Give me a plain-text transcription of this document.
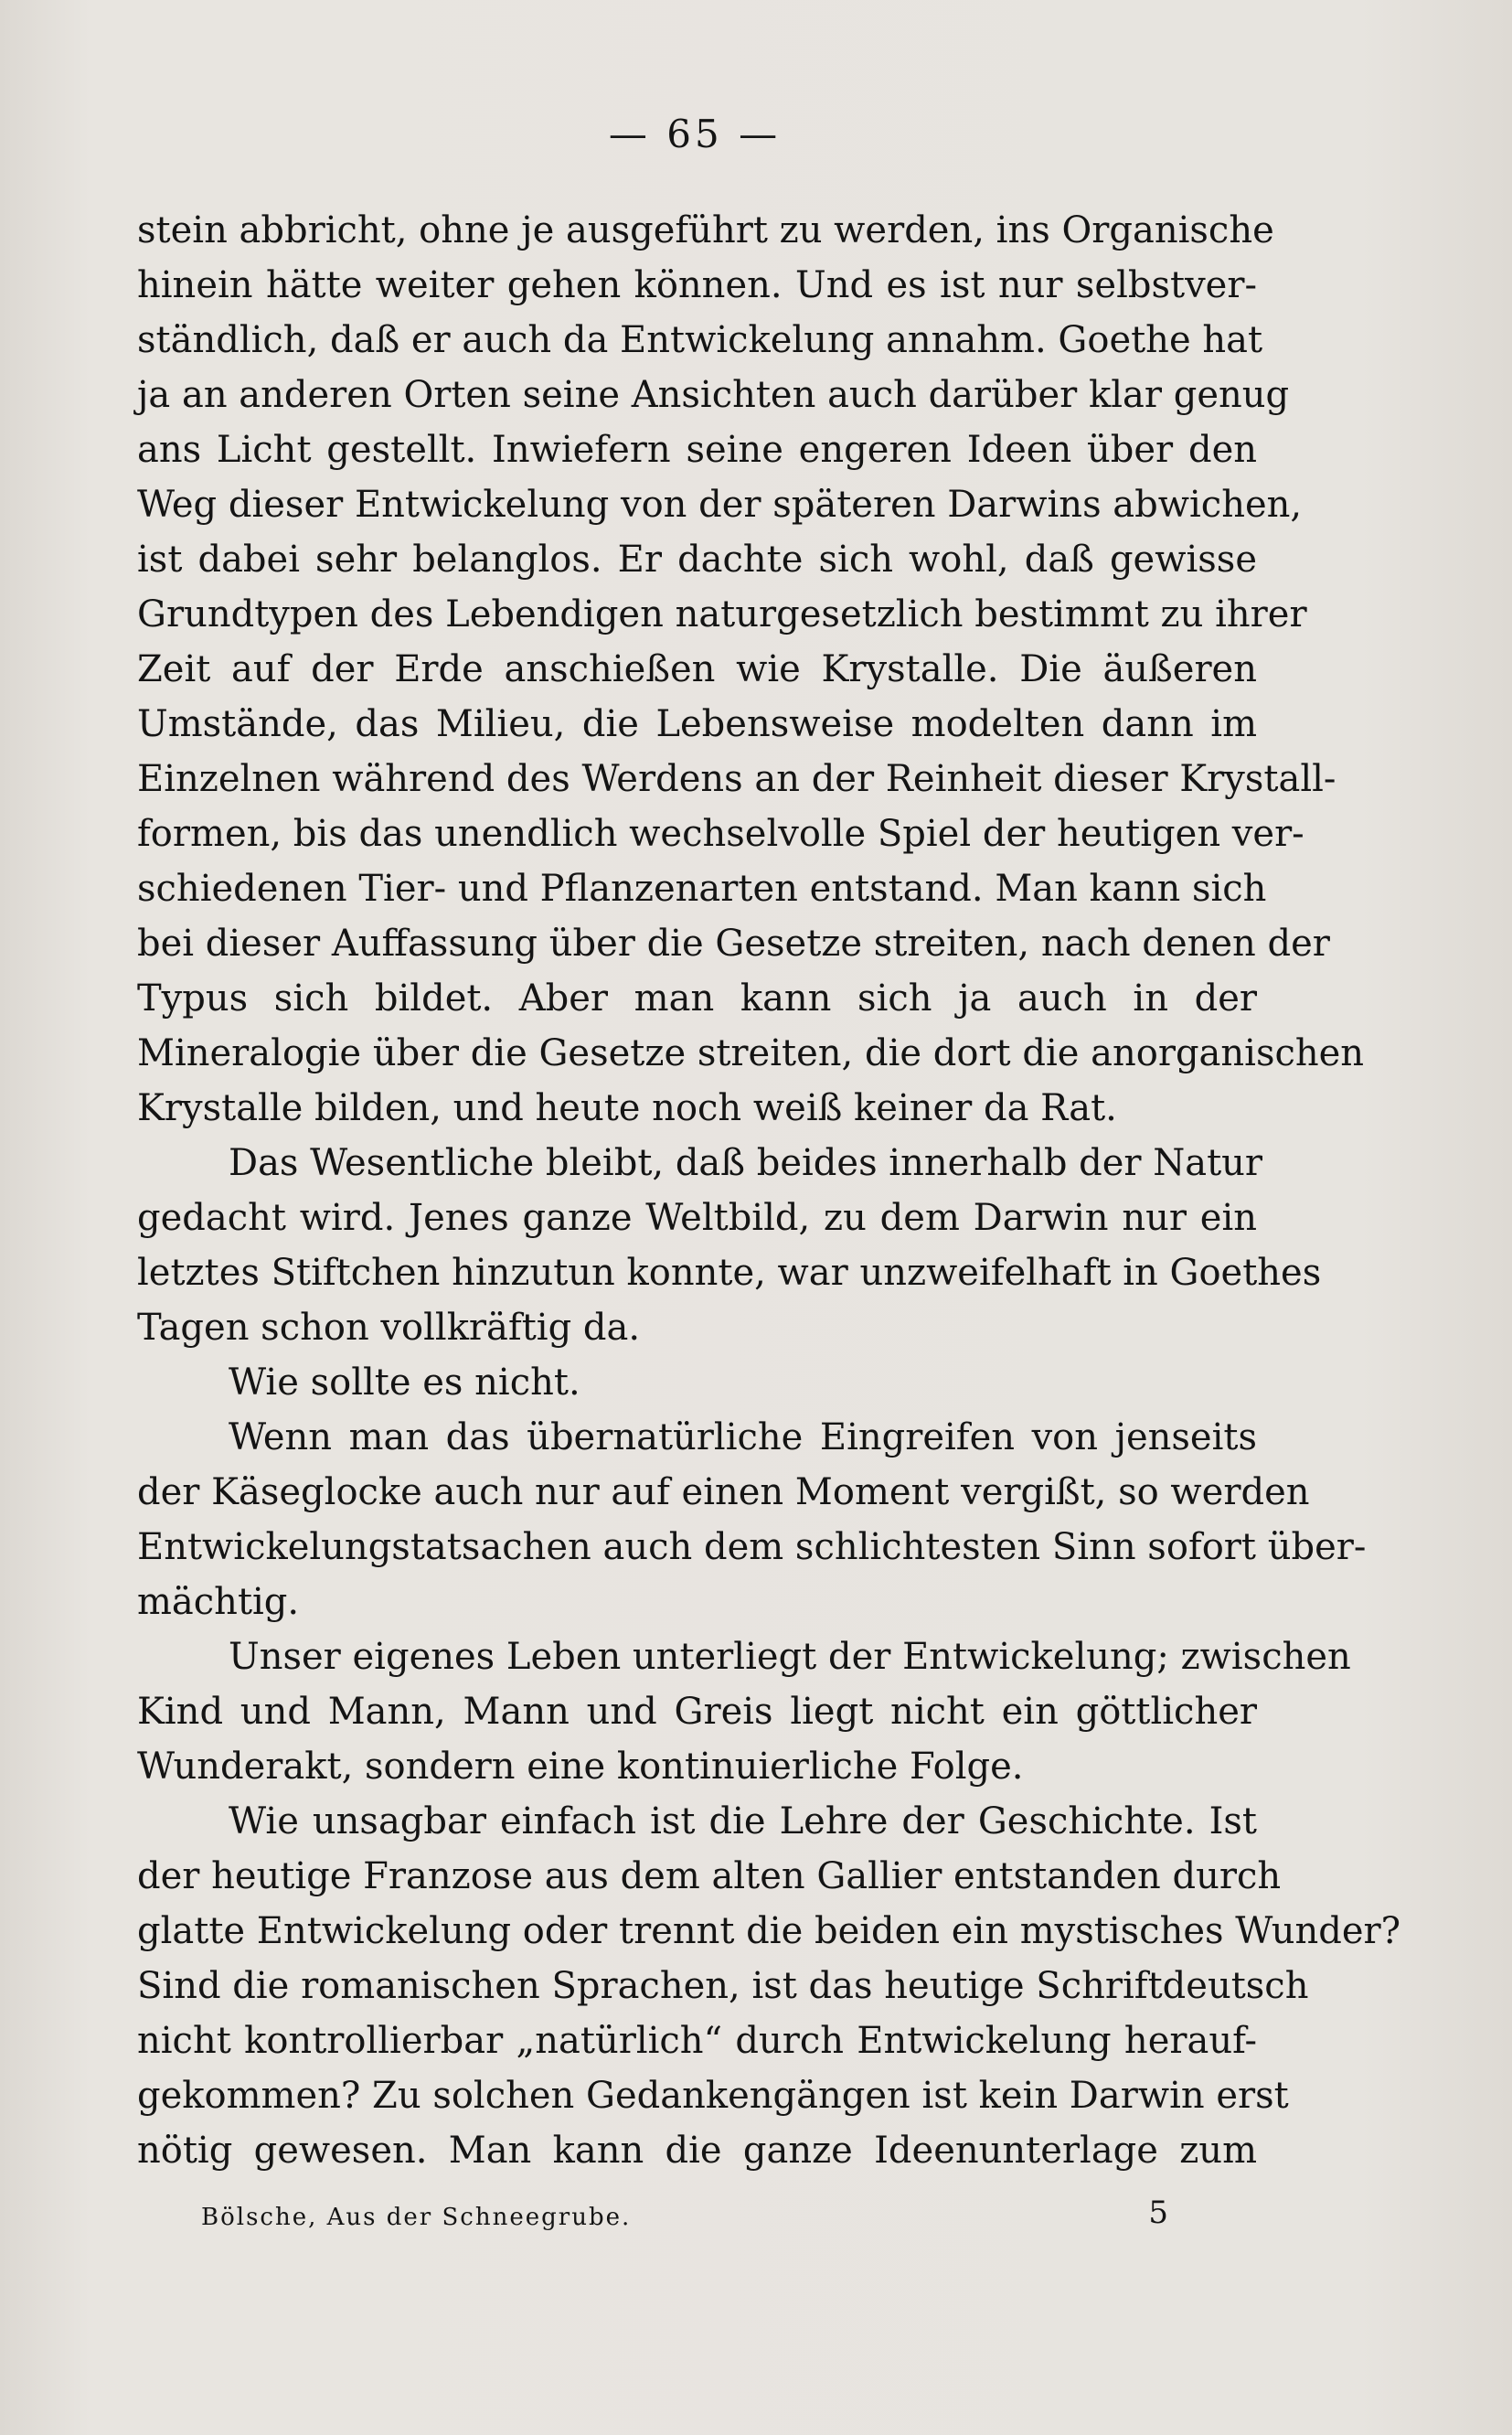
— 65 —
stein abbricht, ohne je ausgeführt zu werden, ins Organische
hinein hätte weiter gehen können. Und es ist nur selbstver-
ständlich, daß er auch da Entwickelung annahm. Goethe hat
ja an anderen Orten seine Ansichten auch darüber klar genug
ans Licht gestellt. Inwiefern seine engeren Ideen über den
Weg dieser Entwickelung von der späteren Darwins abwichen,
ist dabei sehr belanglos. Er dachte sich wohl, daß gewisse
Grundtypen des Lebendigen naturgesetzlich bestimmt zu ihrer
Zeit auf der Erde anschießen wie Krystalle. Die äußeren
Umstände, das Milieu, die Lebensweise modelten dann im
Einzelnen während des Werdens an der Reinheit dieser Krystall-
formen, bis das unendlich wechselvolle Spiel der heutigen ver-
schiedenen Tier- und Pflanzenarten entstand. Man kann sich
bei dieser Auffassung über die Gesetze streiten, nach denen der
Typus sich bildet. Aber man kann sich ja auch in der
Mineralogie über die Gesetze streiten, die dort die anorganischen
Krystalle bilden, und heute noch weiß keiner da Rat.
Das Wesentliche bleibt, daß beides innerhalb der Natur
gedacht wird. Jenes ganze Weltbild, zu dem Darwin nur ein
letztes Stiftchen hinzutun konnte, war unzweifelhaft in Goethes
Tagen schon vollkräftig da.
Wie sollte es nicht.
Wenn man das übernatürliche Eingreifen von jenseits
der Käseglocke auch nur auf einen Moment vergißt, so werden
Entwickelungstatsachen auch dem schlichtesten Sinn sofort über-
mächtig.
Unser eigenes Leben unterliegt der Entwickelung; zwischen
Kind und Mann, Mann und Greis liegt nicht ein göttlicher
Wunderakt, sondern eine kontinuierliche Folge.
Wie unsagbar einfach ist die Lehre der Geschichte. Ist
der heutige Franzose aus dem alten Gallier entstanden durch
glatte Entwickelung oder trennt die beiden ein mystisches Wunder?
Sind die romanischen Sprachen, ist das heutige Schriftdeutsch
nicht kontrollierbar „natürlich“ durch Entwickelung herauf-
gekommen? Zu solchen Gedankengängen ist kein Darwin erst
nötig gewesen. Man kann die ganze Ideenunterlage zum
Bölsche, Aus der Schneegrube.	5
